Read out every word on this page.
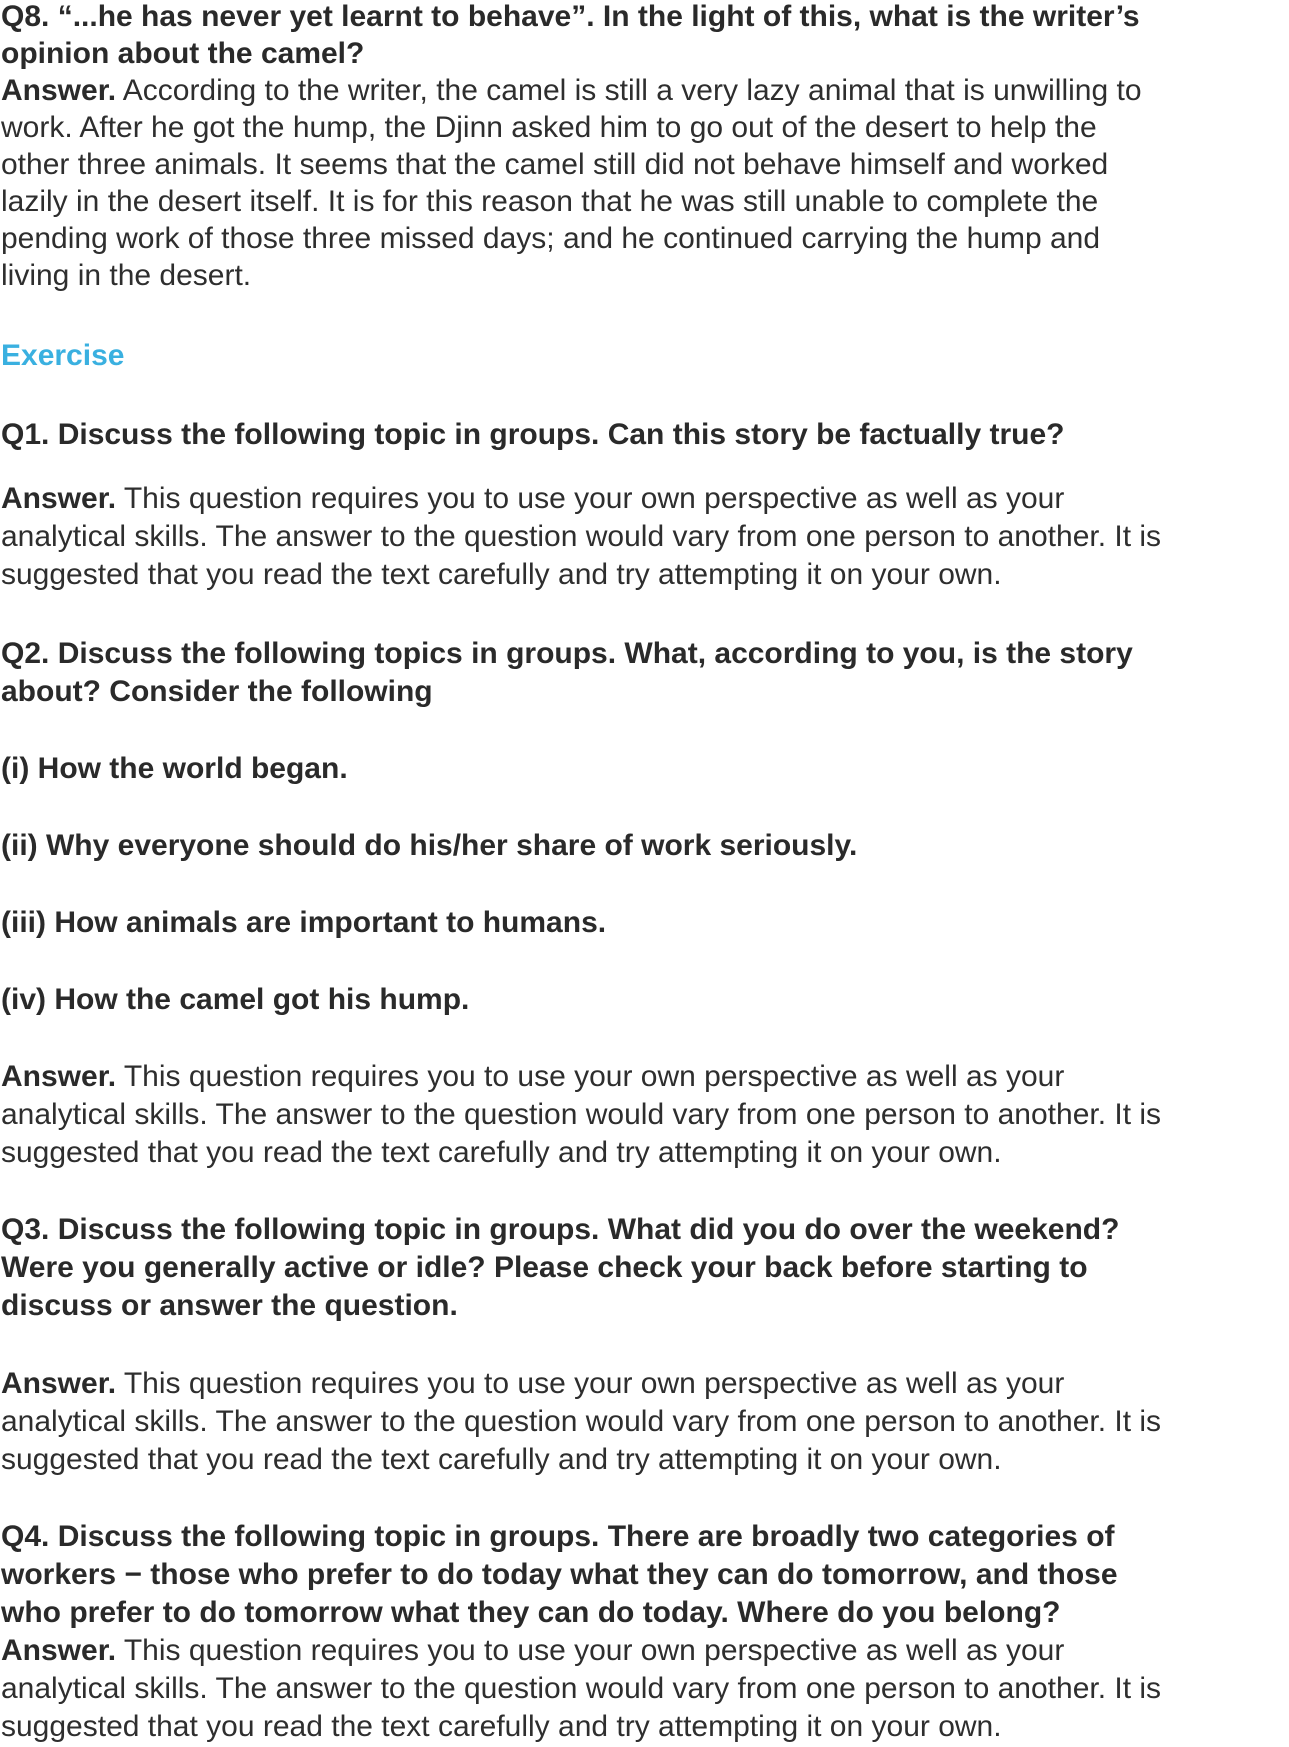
Q8. “...he has never yet learnt to behave”. In the light of this, what is the writer’s
opinion about the camel?
Answer. According to the writer, the camel is still a very lazy animal that is unwilling to
work. After he got the hump, the Djinn asked him to go out of the desert to help the
other three animals. It seems that the camel still did not behave himself and worked
lazily in the desert itself. It is for this reason that he was still unable to complete the
pending work of those three missed days; and he continued carrying the hump and
living in the desert.
Exercise
Q1. Discuss the following topic in groups. Can this story be factually true?
Answer. This question requires you to use your own perspective as well as your
analytical skills. The answer to the question would vary from one person to another. It is
suggested that you read the text carefully and try attempting it on your own.
Q2. Discuss the following topics in groups. What, according to you, is the story
about? Consider the following
(i) How the world began.
(ii) Why everyone should do his/her share of work seriously.
(iii) How animals are important to humans.
(iv) How the camel got his hump.
Answer. This question requires you to use your own perspective as well as your
analytical skills. The answer to the question would vary from one person to another. It is
suggested that you read the text carefully and try attempting it on your own.
Q3. Discuss the following topic in groups. What did you do over the weekend?
Were you generally active or idle? Please check your back before starting to
discuss or answer the question.
Answer. This question requires you to use your own perspective as well as your
analytical skills. The answer to the question would vary from one person to another. It is
suggested that you read the text carefully and try attempting it on your own.
Q4. Discuss the following topic in groups. There are broadly two categories of
workers − those who prefer to do today what they can do tomorrow, and those
who prefer to do tomorrow what they can do today. Where do you belong?
Answer. This question requires you to use your own perspective as well as your
analytical skills. The answer to the question would vary from one person to another. It is
suggested that you read the text carefully and try attempting it on your own.
